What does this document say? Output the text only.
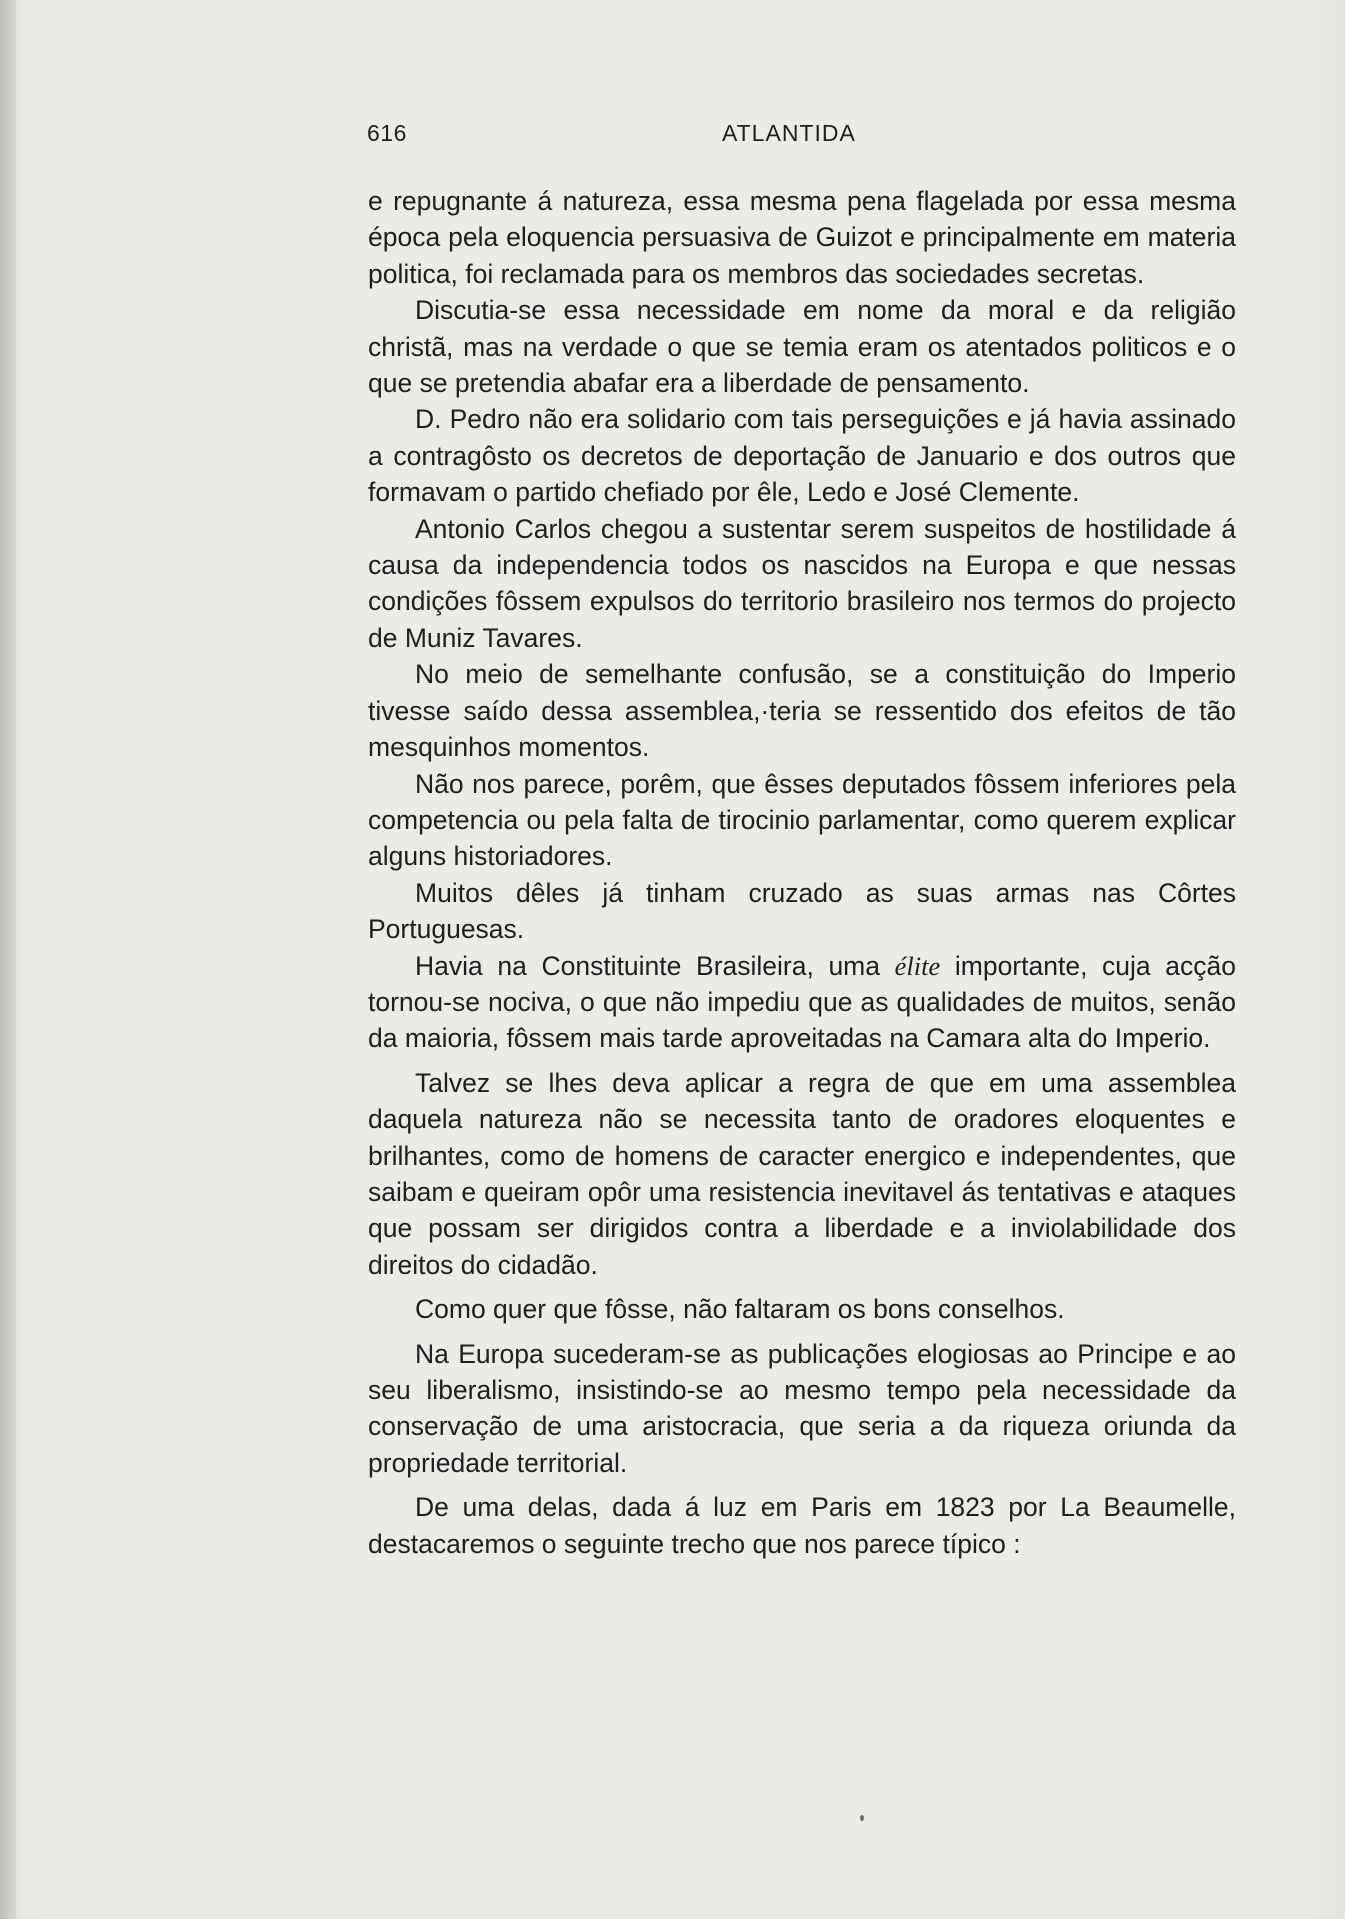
616	ATLANTIDA

e repugnante á natureza, essa mesma pena flagelada por essa mesma época pela eloquencia persuasiva de Guizot e principalmente em materia politica, foi reclamada para os membros das sociedades secretas.

Discutia-se essa necessidade em nome da moral e da religião christã, mas na verdade o que se temia eram os atentados politicos e o que se pretendia abafar era a liberdade de pensamento.

D. Pedro não era solidario com tais perseguições e já havia assinado a contragôsto os decretos de deportação de Januario e dos outros que formavam o partido chefiado por êle, Ledo e José Clemente.

Antonio Carlos chegou a sustentar serem suspeitos de hostilidade á causa da independencia todos os nascidos na Europa e que nessas condições fôssem expulsos do territorio brasileiro nos termos do projecto de Muniz Tavares.

No meio de semelhante confusão, se a constituição do Imperio tivesse saído dessa assemblea,·teria se ressentido dos efeitos de tão mesquinhos momentos.

Não nos parece, porêm, que êsses deputados fôssem inferiores pela competencia ou pela falta de tirocinio parlamentar, como querem explicar alguns historiadores.

Muitos dêles já tinham cruzado as suas armas nas Côrtes Portuguesas.

Havia na Constituinte Brasileira, uma élite importante, cuja acção tornou-se nociva, o que não impediu que as qualidades de muitos, senão da maioria, fôssem mais tarde aproveitadas na Camara alta do Imperio.

Talvez se lhes deva aplicar a regra de que em uma assemblea daquela natureza não se necessita tanto de oradores eloquentes e brilhantes, como de homens de caracter energico e independentes, que saibam e queiram opôr uma resistencia inevitavel ás tentativas e ataques que possam ser dirigidos contra a liberdade e a inviolabilidade dos direitos do cidadão.

Como quer que fôsse, não faltaram os bons conselhos.

Na Europa sucederam-se as publicações elogiosas ao Principe e ao seu liberalismo, insistindo-se ao mesmo tempo pela necessidade da conservação de uma aristocracia, que seria a da riqueza oriunda da propriedade territorial.

De uma delas, dada á luz em Paris em 1823 por La Beaumelle, destacaremos o seguinte trecho que nos parece típico :
